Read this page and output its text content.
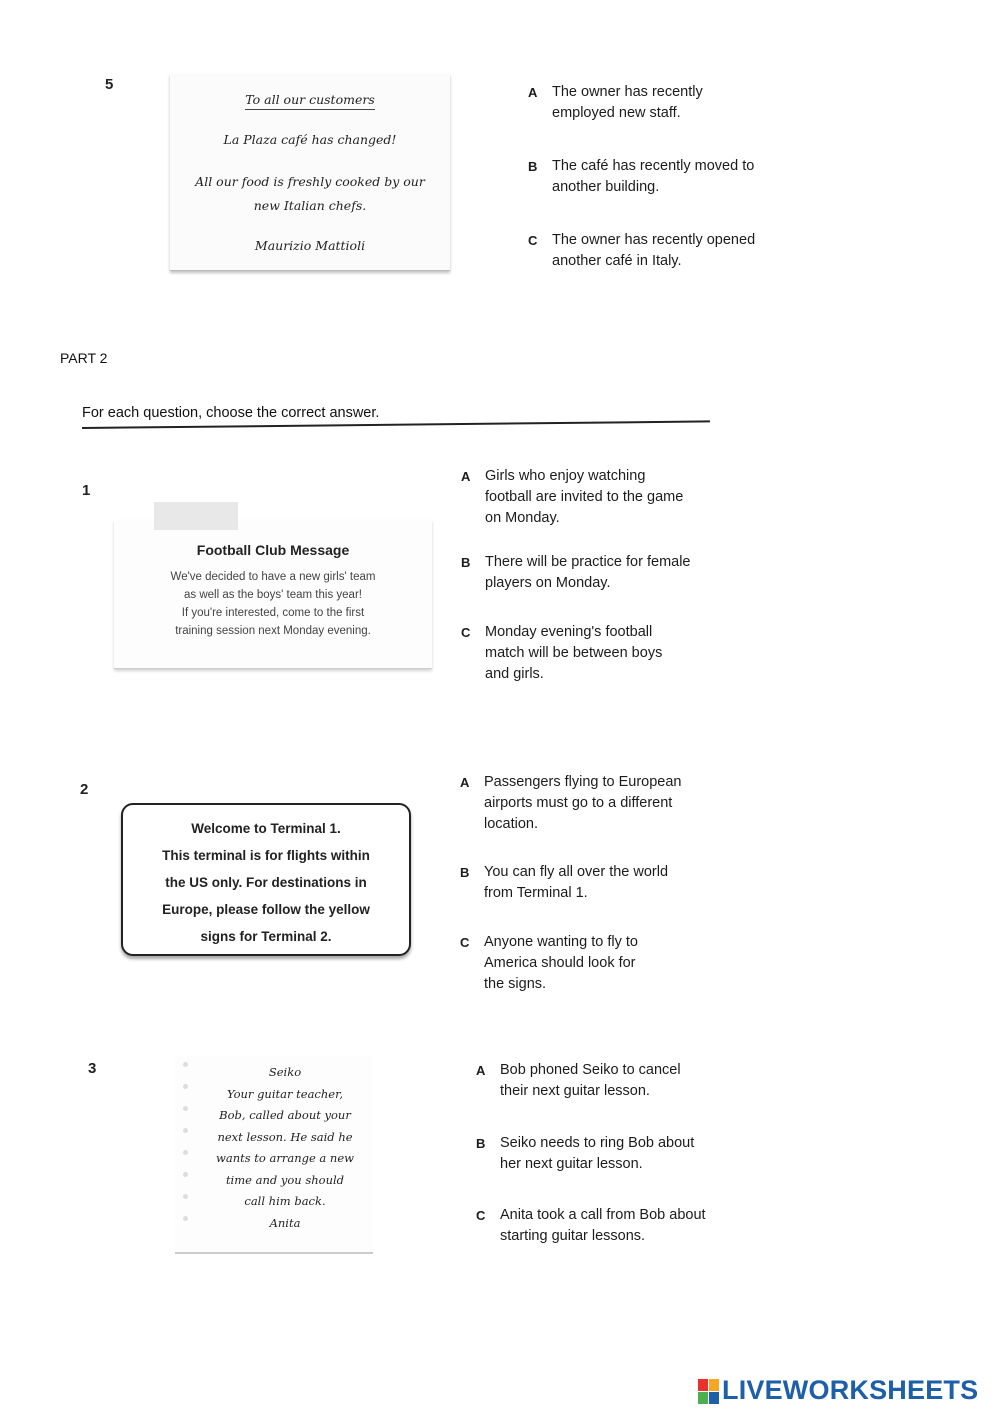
5
To all our customers
La Plaza café has changed!
All our food is freshly cooked by our
new Italian chefs.
Maurizio Mattioli
A The owner has recently
employed new staff.
B The café has recently moved to
another building.
C The owner has recently opened
another café in Italy.
PART 2
For each question, choose the correct answer.
1
Football Club Message
We've decided to have a new girls' team
as well as the boys' team this year!
If you're interested, come to the first
training session next Monday evening.
A Girls who enjoy watching
football are invited to the game
on Monday.
B There will be practice for female
players on Monday.
C Monday evening's football
match will be between boys
and girls.
2
Welcome to Terminal 1.
This terminal is for flights within
the US only. For destinations in
Europe, please follow the yellow
signs for Terminal 2.
A Passengers flying to European
airports must go to a different
location.
B You can fly all over the world
from Terminal 1.
C Anyone wanting to fly to
America should look for
the signs.
3	Seiko
Your guitar teacher,
Bob, called about your
next lesson. He said he
wants to arrange a new
time and you should
call him back.
Anita
A Bob phoned Seiko to cancel
their next guitar lesson.
B Seiko needs to ring Bob about
her next guitar lesson.
C Anita took a call from Bob about
starting guitar lessons.
LIVEWORKSHEETS
